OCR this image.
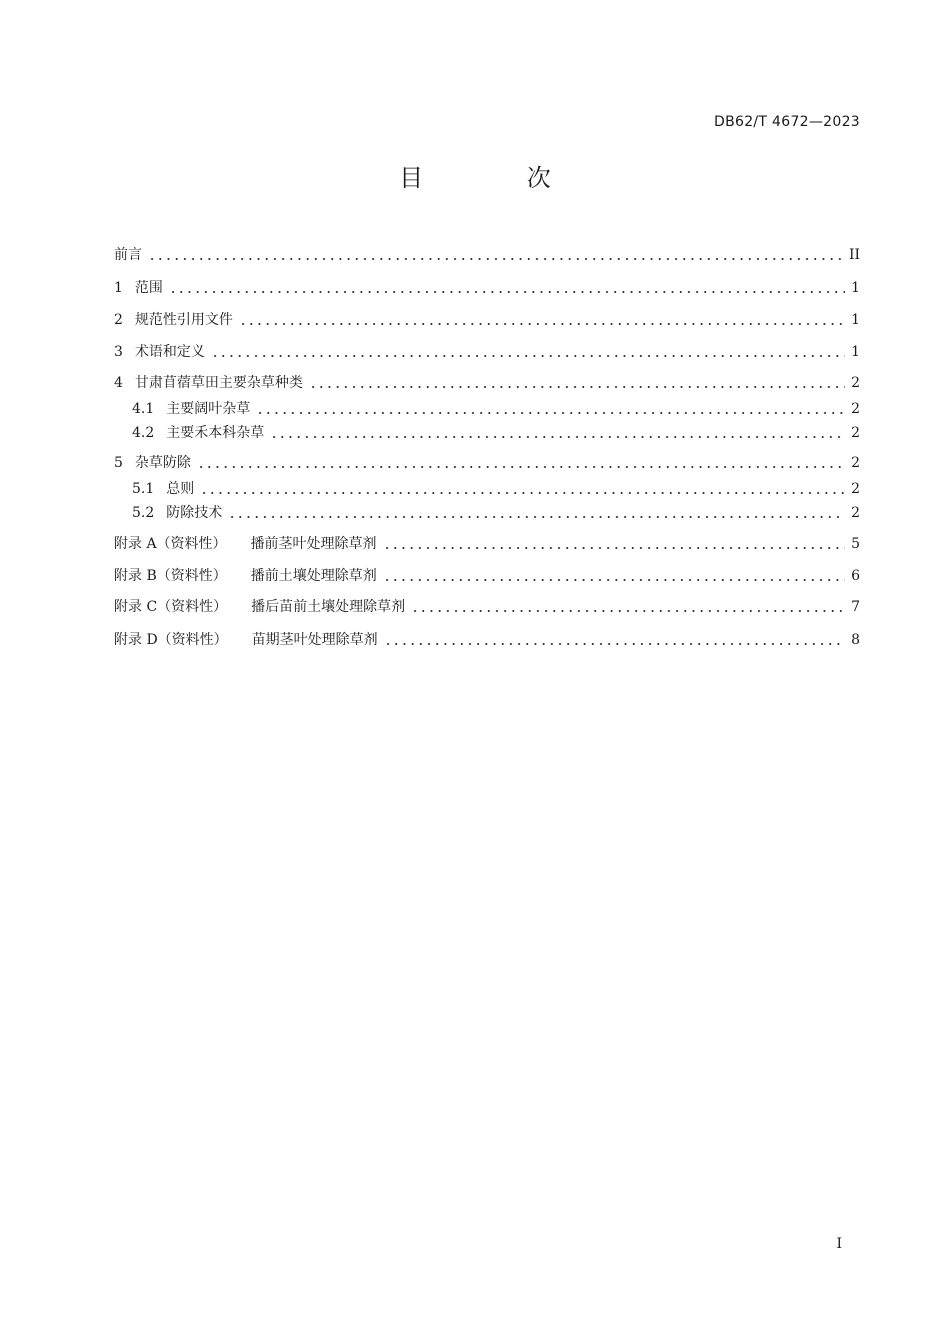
DB62/T 4672—2023
目 次
前言	II
1 范围	1
2 规范性引用文件	1
3 术语和定义	1
4 甘肃苜蓿草田主要杂草种类	2
4.1 主要阔叶杂草	2
4.2 主要禾本科杂草	2
5 杂草防除	2
5.1 总则	2
5.2 防除技术	2
附录 A（资料性） 播前茎叶处理除草剂	5
附录 B（资料性） 播前土壤处理除草剂	6
附录 C（资料性） 播后苗前土壤处理除草剂	7
附录 D（资料性） 苗期茎叶处理除草剂	8
I
